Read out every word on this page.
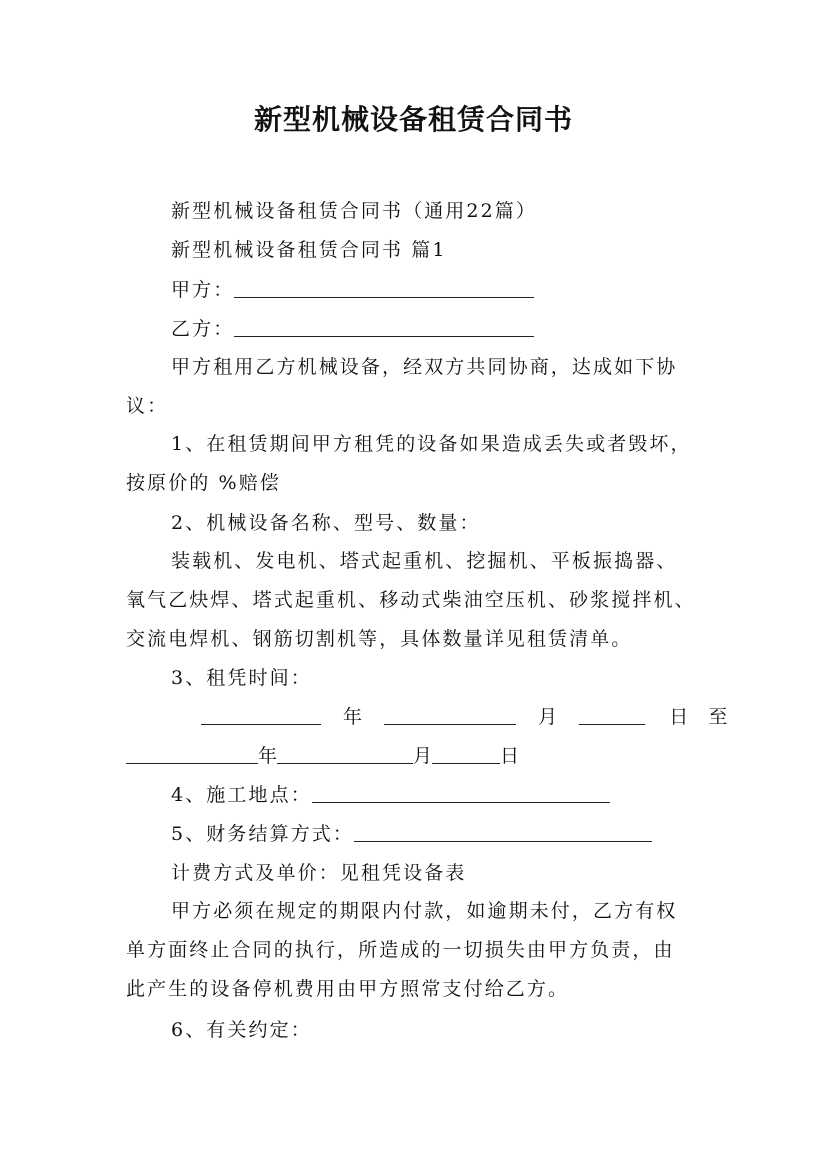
新型机械设备租赁合同书
新型机械设备租赁合同书（通用22篇）
新型机械设备租赁合同书 篇1
甲方：
乙方：
甲方租用乙方机械设备，经双方共同协商，达成如下协
议：
1、在租赁期间甲方租凭的设备如果造成丢失或者毁坏，
按原价的 %赔偿
2、机械设备名称、型号、数量：
装载机、发电机、塔式起重机、挖掘机、平板振捣器、
氧气乙炔焊、塔式起重机、移动式柴油空压机、砂浆搅拌机、
交流电焊机、钢筋切割机等，具体数量详见租赁清单。
3、租凭时间：
年	月	日 至
年	月	日
4、施工地点：
5、财务结算方式：
计费方式及单价：见租凭设备表
甲方必须在规定的期限内付款，如逾期未付，乙方有权
单方面终止合同的执行，所造成的一切损失由甲方负责，由
此产生的设备停机费用由甲方照常支付给乙方。
6、有关约定：
